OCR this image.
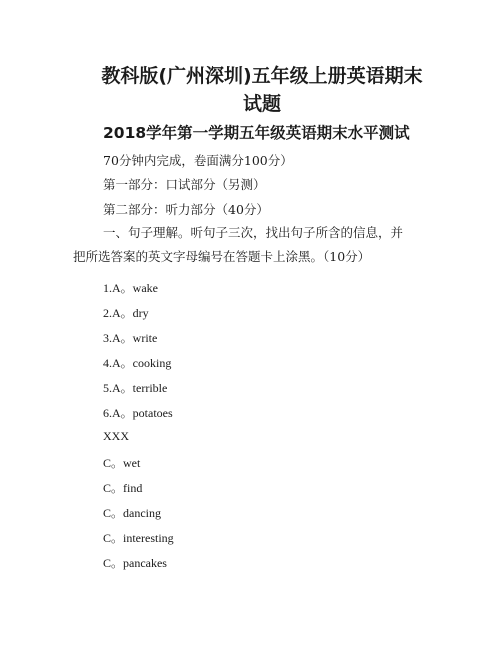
教科版(广州深圳)五年级上册英语期末试题
2018学年第一学期五年级英语期末水平测试
70分钟内完成，卷面满分100分）
第一部分：口试部分（另测）
第二部分：听力部分（40分）
一、句子理解。听句子三次，找出句子所含的信息，并把所选答案的英文字母编号在答题卡上涂黑。（10分）
1.A。wake
2.A。dry
3.A。write
4.A。cooking
5.A。terrible
6.A。potatoes
XXX
C。wet
C。find
C。dancing
C。interesting
C。pancakes
